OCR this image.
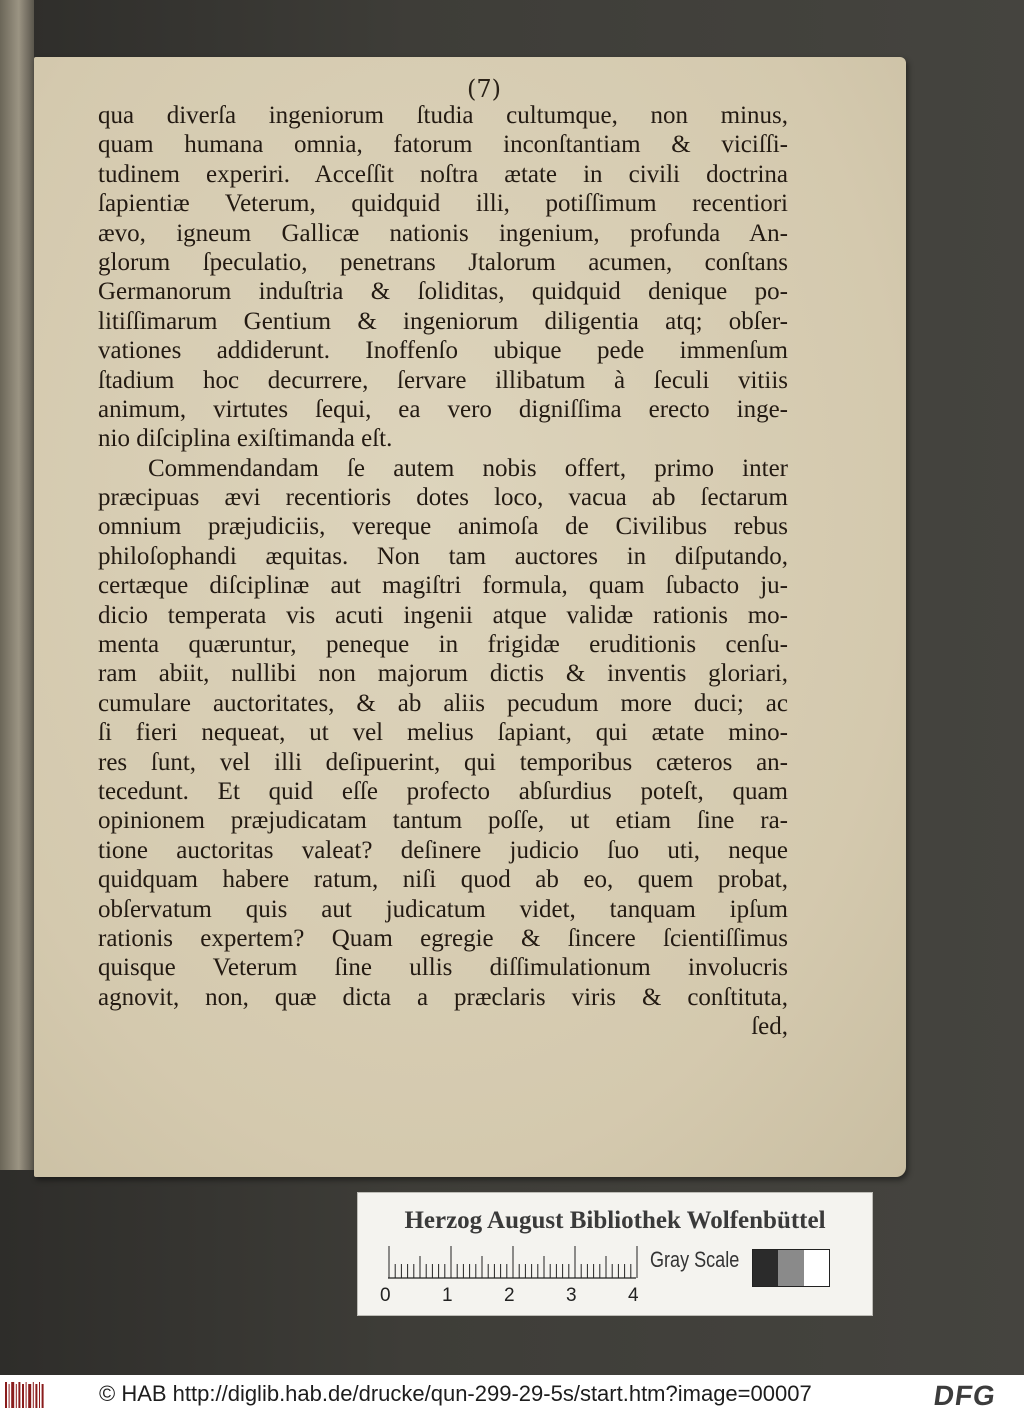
(7)
qua diverſa ingeniorum ſtudia cultumque, non minus,
quam humana omnia, fatorum inconſtantiam & viciſſi-
tudinem experiri. Acceſſit noſtra ætate in civili doctrina
ſapientiæ Veterum, quidquid illi, potiſſimum recentiori
ævo, igneum Gallicæ nationis ingenium, profunda An-
glorum ſpeculatio, penetrans Jtalorum acumen, conſtans
Germanorum induſtria & ſoliditas, quidquid denique po-
litiſſimarum Gentium & ingeniorum diligentia atq; obſer-
vationes addiderunt. Inoffenſo ubique pede immenſum
ſtadium hoc decurrere, ſervare illibatum à ſeculi vitiis
animum, virtutes ſequi, ea vero digniſſima erecto inge-
nio diſciplina exiſtimanda eſt.
Commendandam ſe autem nobis offert, primo inter
præcipuas ævi recentioris dotes loco, vacua ab ſectarum
omnium præjudiciis, vereque animoſa de Civilibus rebus
philoſophandi æquitas. Non tam auctores in diſputando,
certæque diſciplinæ aut magiſtri formula, quam ſubacto ju-
dicio temperata vis acuti ingenii atque validæ rationis mo-
menta quæruntur, peneque in frigidæ eruditionis cenſu-
ram abiit, nullibi non majorum dictis & inventis gloriari,
cumulare auctoritates, & ab aliis pecudum more duci; ac
ſi fieri nequeat, ut vel melius ſapiant, qui ætate mino-
res ſunt, vel illi deſipuerint, qui temporibus cæteros an-
tecedunt. Et quid eſſe profecto abſurdius poteſt, quam
opinionem præjudicatam tantum poſſe, ut etiam ſine ra-
tione auctoritas valeat? deſinere judicio ſuo uti, neque
quidquam habere ratum, niſi quod ab eo, quem probat,
obſervatum quis aut judicatum videt, tanquam ipſum
rationis expertem? Quam egregie & ſincere ſcientiſſimus
quisque Veterum ſine ullis diſſimulationum involucris
agnovit, non, quæ dicta a præclaris viris & conſtituta,
ſed,
Herzog August Bibliothek Wolfenbüttel
0	1	2	3	4
Gray Scale
© HAB http://diglib.hab.de/drucke/qun-299-29-5s/start.htm?image=00007	DFG
